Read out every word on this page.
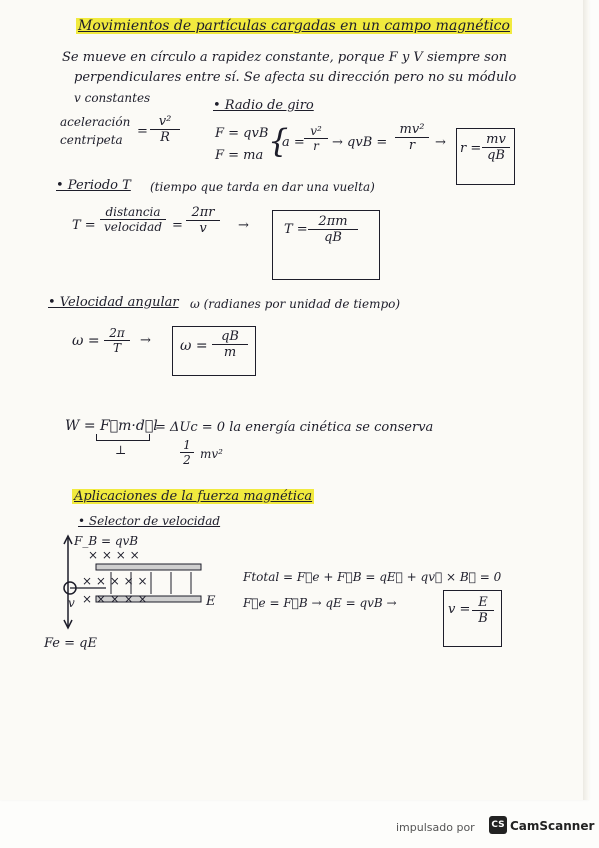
Movimientos de partículas cargadas en un campo magnético
Se mueve en círculo a rapidez constante, porque F y V siempre son
perpendiculares entre sí. Se afecta su dirección pero no su módulo
v constantes	• Radio de giro
aceleración
centripeta
= $\frac{\text{v²}}{R}$	F = qvB
F = ma {
$a = \frac{\text{v²}}{r}$ → qvB = $\frac{\text{mv²}}{r} \to r = \frac{mv}{qB}$
• Periodo T (tiempo que tarda en dar una vuelta)
T =
distancia
velocidad = $\frac{2\pi r}{v}$ →	$T = \frac{2\pi m}{qB}$
• Velocidad angular ω (radianes por unidad de tiempo)
$\omega = \frac{2\pi}{T} \to \omega = \frac{qB}{m}$
W = F⃗m·d⃗l
= ΔUc = 0 la energía cinética se conserva
⊥	$\frac{1}{2} mv^2$
Aplicaciones de la fuerza magnética
• Selector de velocidad
× × × ×
× × × × ×
× × × × ×
F_B = qvB
Fe = qE
E
v
Ftotal = F⃗e + F⃗B = qE⃗ + qv⃗ × B⃗ = 0
F⃗e = F⃗B → qE = qvB →	$v = \frac{E}{B}$
impulsado por CS CamScanner
